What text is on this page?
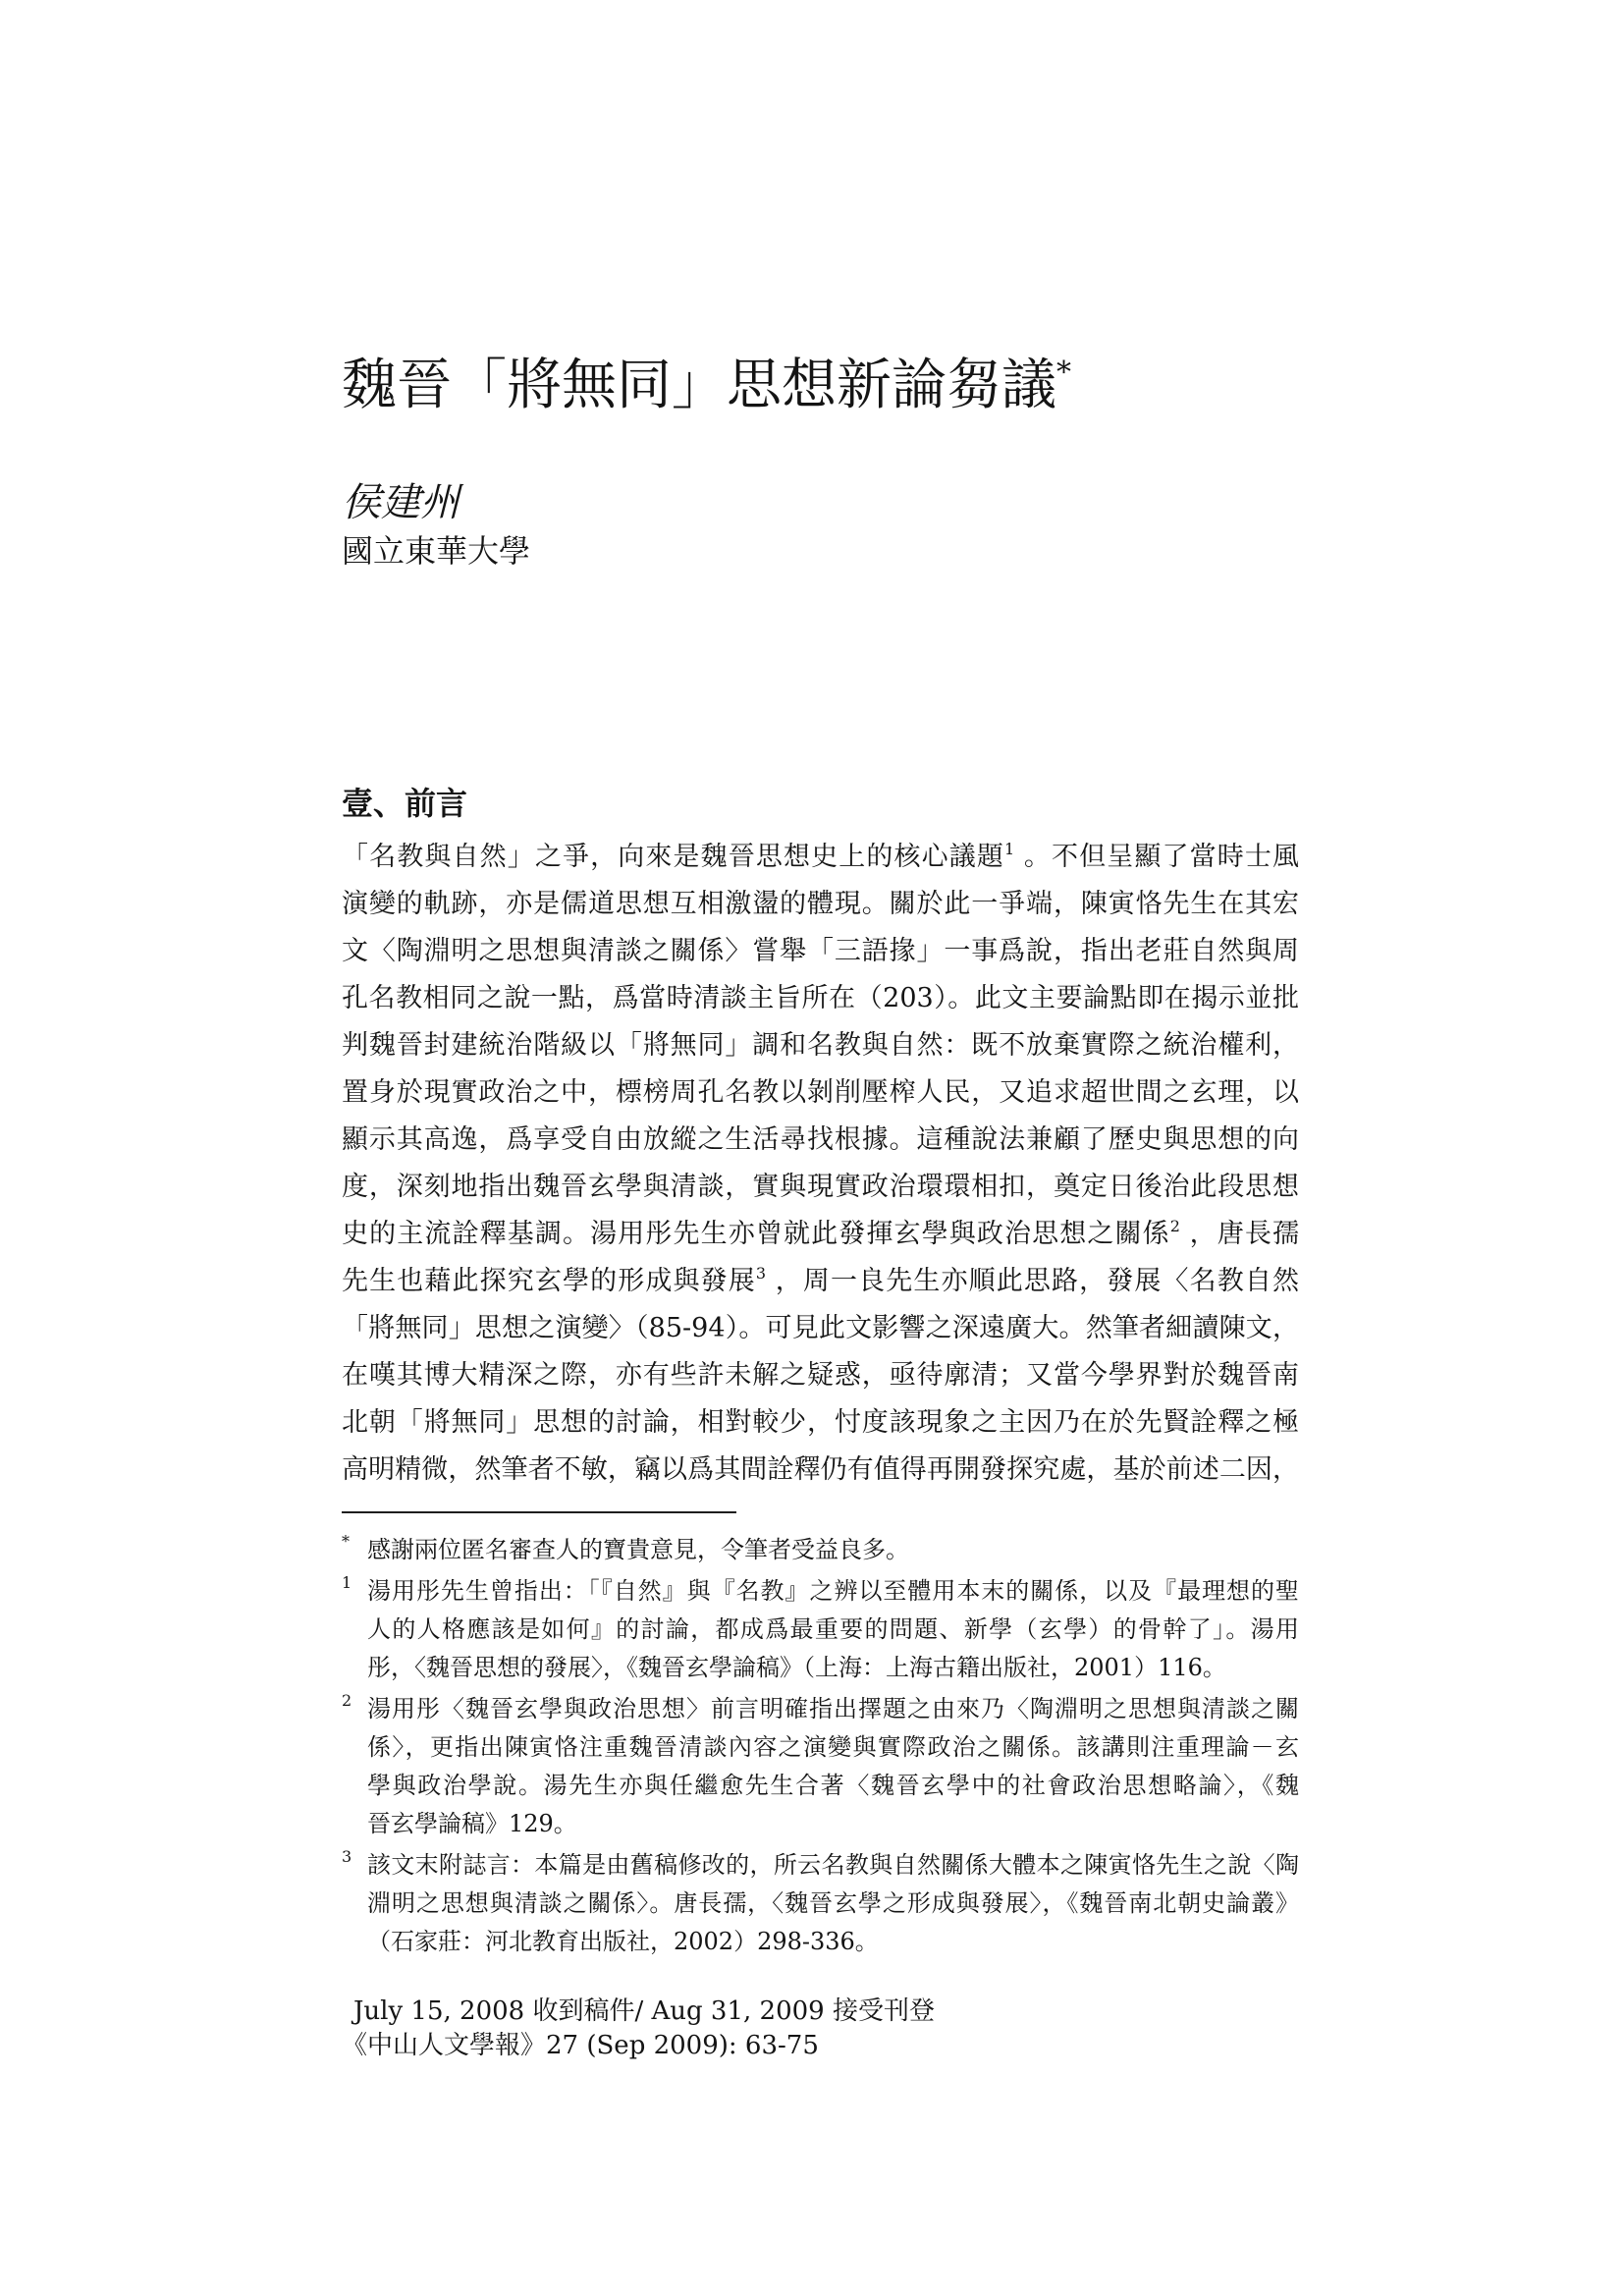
魏晉「將無同」思想新論芻議*
侯建州
國立東華大學
壹、前言
「名教與自然」之爭，向來是魏晉思想史上的核心議題$^1$ 。不但呈顯了當時士風
演變的軌跡，亦是儒道思想互相激盪的體現。關於此一爭端，陳寅恪先生在其宏
文〈陶淵明之思想與清談之關係〉嘗舉「三語掾」一事爲說，指出老莊自然與周
孔名教相同之說一點，爲當時清談主旨所在（203）。此文主要論點即在揭示並批
判魏晉封建統治階級以「將無同」調和名教與自然：既不放棄實際之統治權利，
置身於現實政治之中，標榜周孔名教以剝削壓榨人民，又追求超世間之玄理，以
顯示其高逸，爲享受自由放縱之生活尋找根據。這種說法兼顧了歷史與思想的向
度，深刻地指出魏晉玄學與清談，實與現實政治環環相扣，奠定日後治此段思想
史的主流詮釋基調。湯用彤先生亦曾就此發揮玄學與政治思想之關係$^2$ ，唐長孺
先生也藉此探究玄學的形成與發展$^3$ ，周一良先生亦順此思路，發展〈名教自然
「將無同」思想之演變〉（85-94）。可見此文影響之深遠廣大。然筆者細讀陳文，
在嘆其博大精深之際，亦有些許未解之疑惑，亟待廓清；又當今學界對於魏晉南
北朝「將無同」思想的討論，相對較少，忖度該現象之主因乃在於先賢詮釋之極
高明精微，然筆者不敏，竊以爲其間詮釋仍有值得再開發探究處，基於前述二因，
* 感謝兩位匿名審查人的寶貴意見，令筆者受益良多。
1 湯用彤先生曾指出：「『自然』與『名教』之辨以至體用本末的關係，以及『最理想的聖
人的人格應該是如何』的討論，都成爲最重要的問題、新學（玄學）的骨幹了」。湯用
彤，〈魏晉思想的發展〉，《魏晉玄學論稿》（上海：上海古籍出版社，2001）116。
2 湯用彤〈魏晉玄學與政治思想〉前言明確指出擇題之由來乃〈陶淵明之思想與清談之關
係〉，更指出陳寅恪注重魏晉清談內容之演變與實際政治之關係。該講則注重理論－玄
學與政治學說。湯先生亦與任繼愈先生合著〈魏晉玄學中的社會政治思想略論〉，《魏
晉玄學論稿》129。
3 該文末附誌言：本篇是由舊稿修改的，所云名教與自然關係大體本之陳寅恪先生之說〈陶
淵明之思想與清談之關係〉。唐長孺，〈魏晉玄學之形成與發展〉，《魏晉南北朝史論叢》
（石家莊：河北教育出版社，2002）298-336。
July 15, 2008 收到稿件/ Aug 31, 2009 接受刊登
《中山人文學報》27 (Sep 2009): 63-75
